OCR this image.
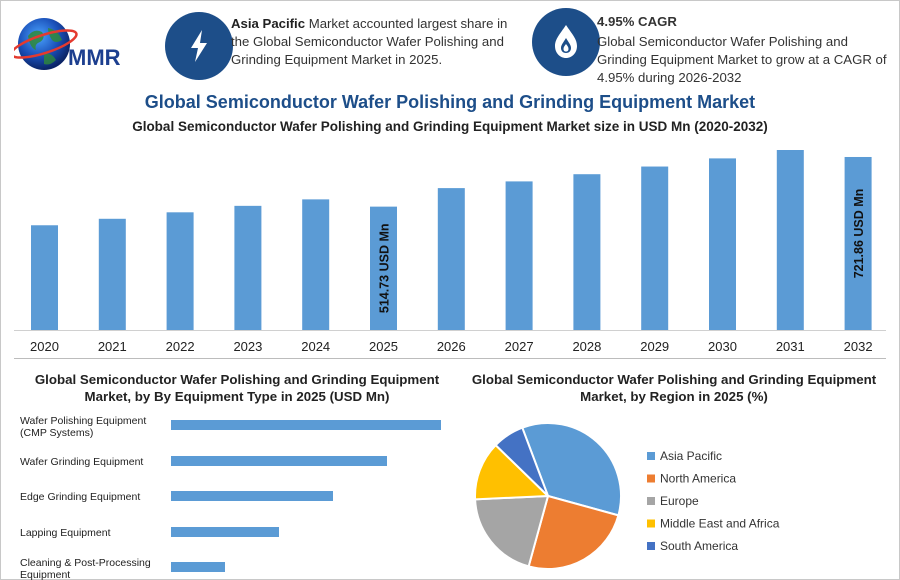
MMR
Asia Pacific Market accounted largest share in the Global Semiconductor Wafer Polishing and Grinding Equipment Market in 2025.
4.95% CAGR
Global Semiconductor Wafer Polishing and Grinding Equipment Market to grow at a CAGR of 4.95% during 2026-2032
Global Semiconductor Wafer Polishing and Grinding Equipment Market
Global Semiconductor Wafer Polishing and Grinding Equipment Market size in USD Mn (2020-2032)
2020	2021	2022	2023	2024	2025
514.73 USD Mn
2026	2027	2028	2029	2030	2031	2032
721.86 USD Mn
Global Semiconductor Wafer Polishing and Grinding Equipment Market, by By Equipment Type in 2025 (USD Mn)
Wafer Polishing Equipment (CMP Systems)
Wafer Grinding Equipment
Edge Grinding Equipment
Lapping Equipment
Cleaning & Post-Processing Equipment
Global Semiconductor Wafer Polishing and Grinding Equipment Market, by Region in 2025 (%)
Asia Pacific
North America
Europe
Middle East and Africa
South America
